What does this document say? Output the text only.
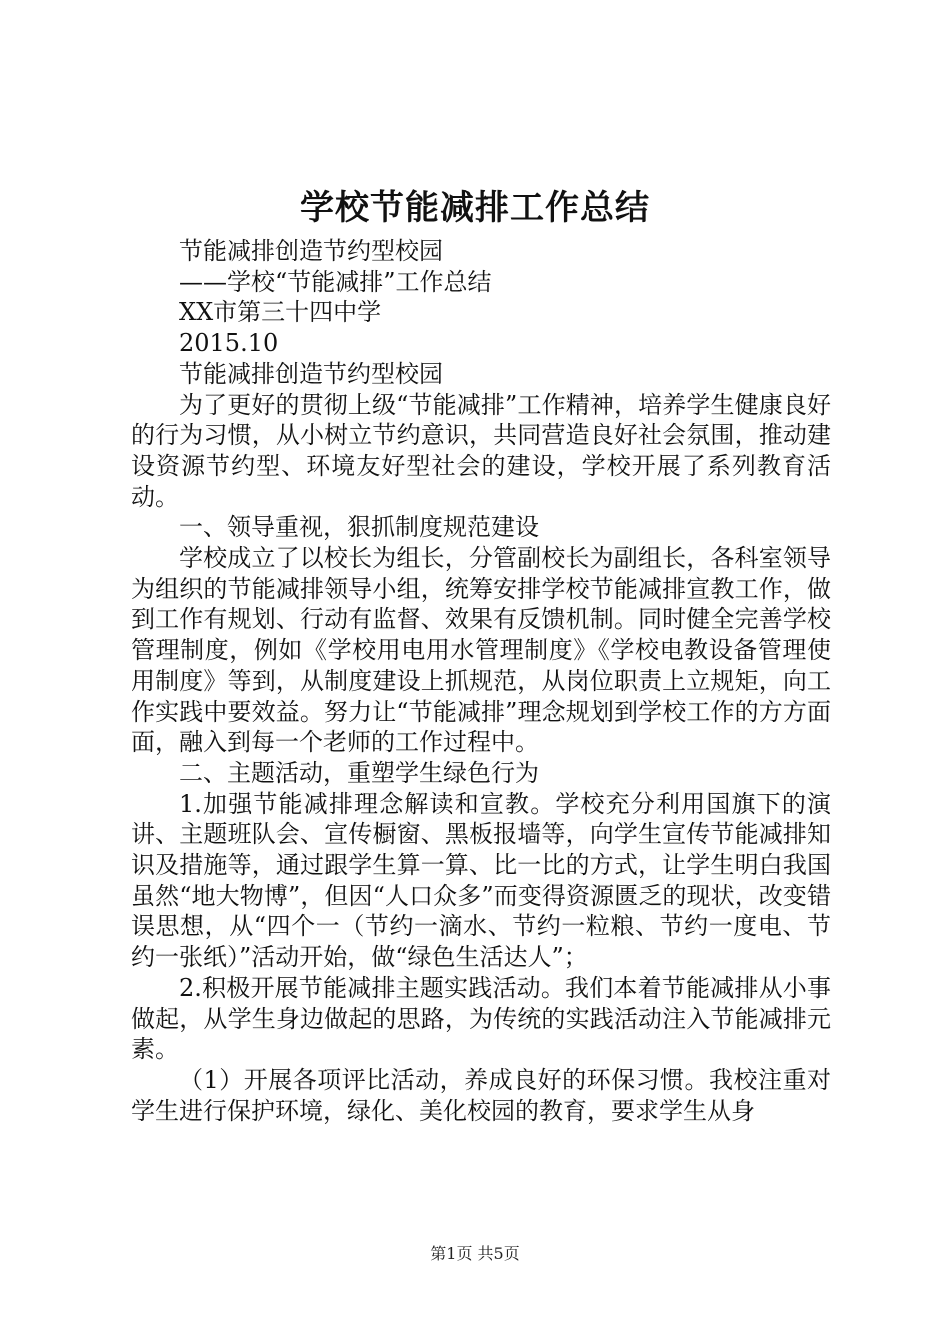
学校节能减排工作总结

节能减排创造节约型校园

——学校“节能减排”工作总结

XX市第三十四中学

2015.10

节能减排创造节约型校园

为了更好的贯彻上级“节能减排”工作精神，培养学生健康良好的行为习惯，从小树立节约意识，共同营造良好社会氛围，推动建设资源节约型、环境友好型社会的建设，学校开展了系列教育活动。

一、领导重视，狠抓制度规范建设

学校成立了以校长为组长，分管副校长为副组长，各科室领导为组织的节能减排领导小组，统筹安排学校节能减排宣教工作，做到工作有规划、行动有监督、效果有反馈机制。同时健全完善学校管理制度，例如《学校用电用水管理制度》《学校电教设备管理使用制度》等到，从制度建设上抓规范，从岗位职责上立规矩，向工作实践中要效益。努力让“节能减排”理念规划到学校工作的方方面面，融入到每一个老师的工作过程中。

二、主题活动，重塑学生绿色行为

1.加强节能减排理念解读和宣教。学校充分利用国旗下的演讲、主题班队会、宣传橱窗、黑板报墙等，向学生宣传节能减排知识及措施等，通过跟学生算一算、比一比的方式，让学生明白我国虽然“地大物博”，但因“人口众多”而变得资源匮乏的现状，改变错误思想，从“四个一（节约一滴水、节约一粒粮、节约一度电、节约一张纸）”活动开始，做“绿色生活达人”；

2.积极开展节能减排主题实践活动。我们本着节能减排从小事做起，从学生身边做起的思路，为传统的实践活动注入节能减排元素。

（1）开展各项评比活动，养成良好的环保习惯。我校注重对学生进行保护环境，绿化、美化校园的教育，要求学生从身

第1页 共5页
